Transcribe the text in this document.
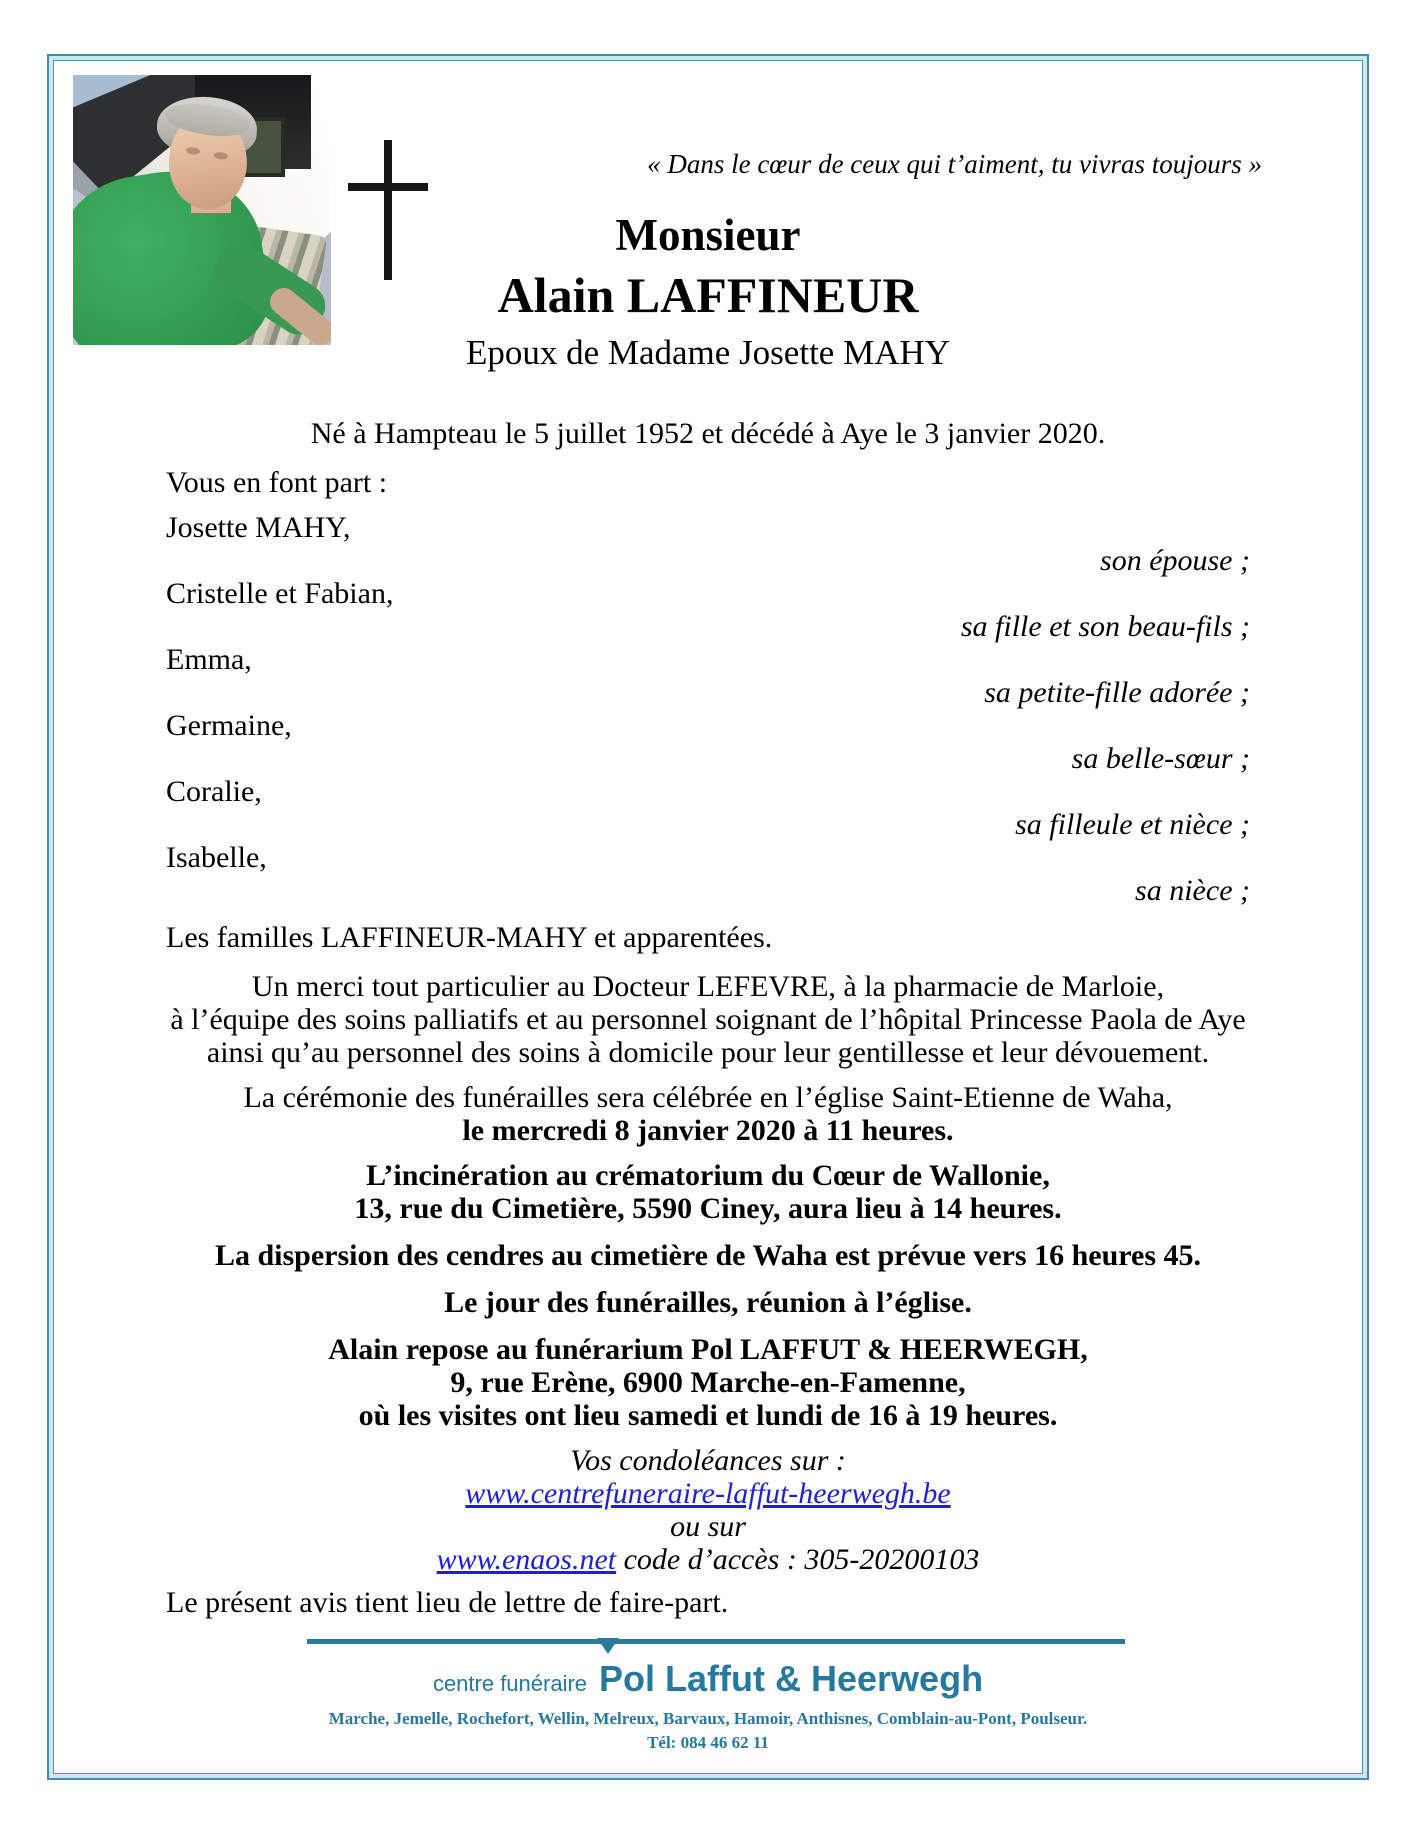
« Dans le cœur de ceux qui t’aiment, tu vivras toujours »
Monsieur
Alain LAFFINEUR
Epoux de Madame Josette MAHY
Né à Hampteau le 5 juillet 1952 et décédé à Aye le 3 janvier 2020.
Vous en font part :
Josette MAHY,
son épouse ;
Cristelle et Fabian,
sa fille et son beau-fils ;
Emma,
sa petite-fille adorée ;
Germaine,
sa belle-sœur ;
Coralie,
sa filleule et nièce ;
Isabelle,
sa nièce ;
Les familles LAFFINEUR-MAHY et apparentées.
Un merci tout particulier au Docteur LEFEVRE, à la pharmacie de Marloie,
à l’équipe des soins palliatifs et au personnel soignant de l’hôpital Princesse Paola de Aye
ainsi qu’au personnel des soins à domicile pour leur gentillesse et leur dévouement.
La cérémonie des funérailles sera célébrée en l’église Saint-Etienne de Waha,
le mercredi 8 janvier 2020 à 11 heures.
L’incinération au crématorium du Cœur de Wallonie,
13, rue du Cimetière, 5590 Ciney, aura lieu à 14 heures.
La dispersion des cendres au cimetière de Waha est prévue vers 16 heures 45.
Le jour des funérailles, réunion à l’église.
Alain repose au funérarium Pol LAFFUT & HEERWEGH,
9, rue Erène, 6900 Marche-en-Famenne,
où les visites ont lieu samedi et lundi de 16 à 19 heures.
Vos condoléances sur :
www.centrefuneraire-laffut-heerwegh.be
ou sur
www.enaos.net code d’accès : 305-20200103
Le présent avis tient lieu de lettre de faire-part.
centre funéraire Pol Laffut & Heerwegh
Marche, Jemelle, Rochefort, Wellin, Melreux, Barvaux, Hamoir, Anthisnes, Comblain-au-Pont, Poulseur.
Tél: 084 46 62 11
